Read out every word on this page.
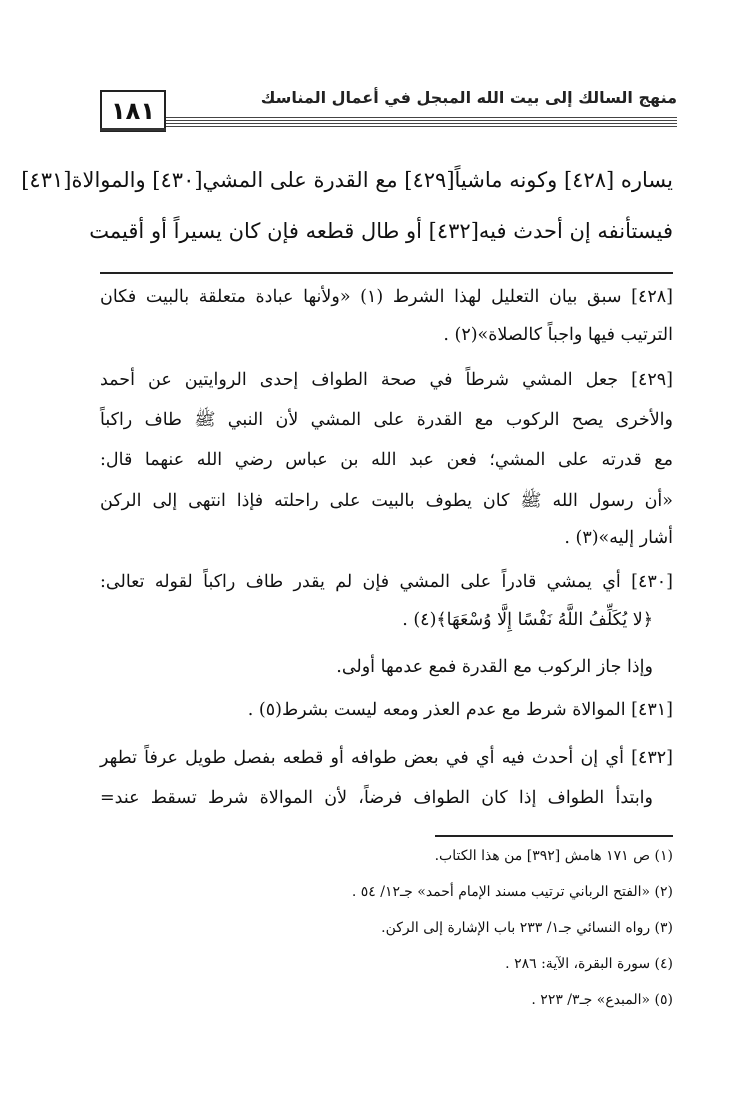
منهج السالك إلى بيت الله المبجل في أعمال المناسك
١٨١
يساره [٤٢٨] وكونه ماشياً[٤٢٩] مع القدرة على المشي[٤٣٠] والموالاة[٤٣١]
فيستأنفه إن أحدث فيه[٤٣٢] أو طال قطعه فإن كان يسيراً أو أقيمت
[٤٢٨] سبق بيان التعليل لهذا الشرط (١) «ولأنها عبادة متعلقة بالبيت فكان
الترتيب فيها واجباً كالصلاة»(٢) .
[٤٢٩] جعل المشي شرطاً في صحة الطواف إحدى الروايتين عن أحمد
والأخرى يصح الركوب مع القدرة على المشي لأن النبي ﷺ طاف راكباً
مع قدرته على المشي؛ فعن عبد الله بن عباس رضي الله عنهما قال:
«أن رسول الله ﷺ كان يطوف بالبيت على راحلته فإذا انتهى إلى الركن
أشار إليه»(٣) .
[٤٣٠] أي يمشي قادراً على المشي فإن لم يقدر طاف راكباً لقوله تعالى:
﴿لا يُكَلِّفُ اللَّهُ نَفْسًا إِلَّا وُسْعَهَا﴾(٤) .
وإذا جاز الركوب مع القدرة فمع عدمها أولى.
[٤٣١] الموالاة شرط مع عدم العذر ومعه ليست بشرط(٥) .
[٤٣٢] أي إن أحدث فيه أي في بعض طوافه أو قطعه بفصل طويل عرفاً تطهر
وابتدأ الطواف إذا كان الطواف فرضاً، لأن الموالاة شرط تسقط عند=
(١) ص ١٧١ هامش [٣٩٢] من هذا الكتاب.
(٢) «الفتح الرباني ترتيب مسند الإمام أحمد» جـ١٢/ ٥٤ .
(٣) رواه النسائي جـ١/ ٢٣٣ باب الإشارة إلى الركن.
(٤) سورة البقرة، الآية: ٢٨٦ .
(٥) «المبدع» جـ٣/ ٢٢٣ .
